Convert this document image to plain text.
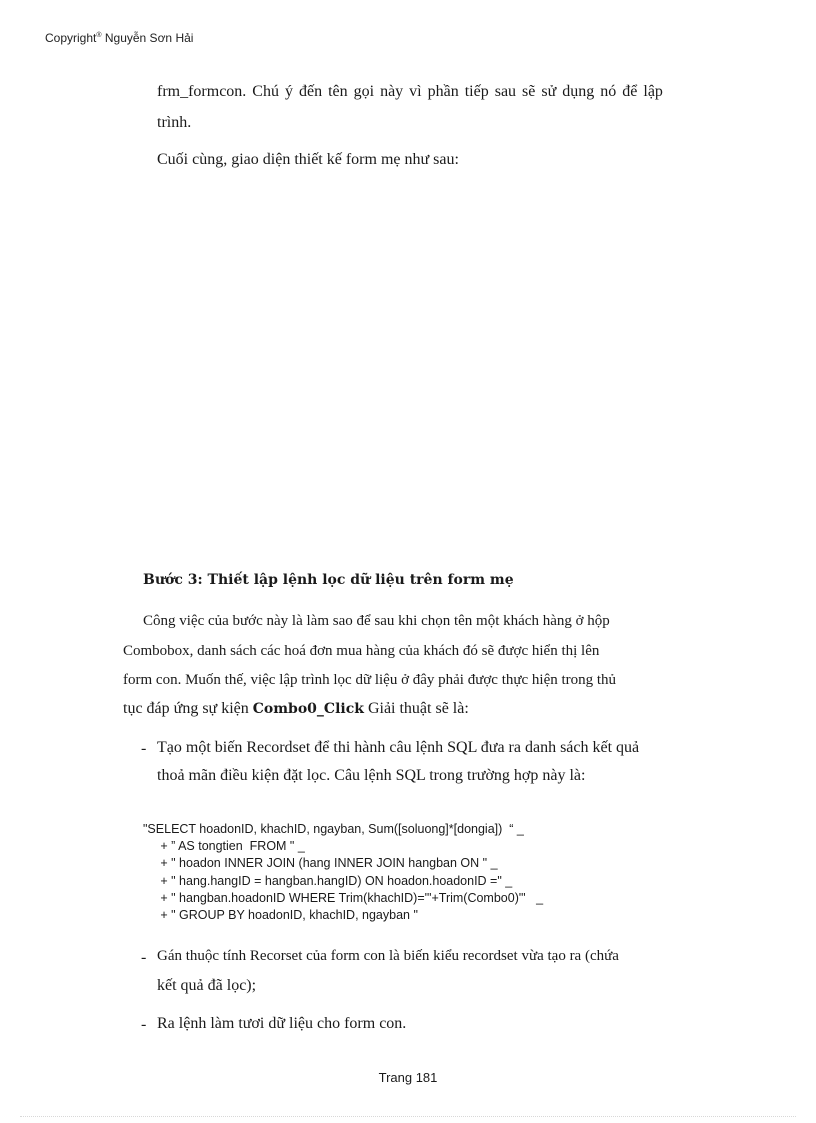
Copyright® Nguyễn Sơn Hải
frm_formcon. Chú ý đến tên gọi này vì phần tiếp sau sẽ sử dụng nó để lập
trình.
Cuối cùng, giao diện thiết kế form mẹ như sau:
Bước 3: Thiết lập lệnh lọc dữ liệu trên form mẹ
Công việc của bước này là làm sao để sau khi chọn tên một khách hàng ở hộp
Combobox, danh sách các hoá đơn mua hàng của khách đó sẽ được hiển thị lên
form con. Muốn thế, việc lập trình lọc dữ liệu ở đây phải được thực hiện trong thủ
tục đáp ứng sự kiện Combo0_Click Giải thuật sẽ là:
- Tạo một biến Recordset để thi hành câu lệnh SQL đưa ra danh sách kết quả
thoả mãn điều kiện đặt lọc. Câu lệnh SQL trong trường hợp này là:
"SELECT hoadonID, khachID, ngayban, Sum([soluong]*[dongia])  “ _
+ ” AS tongtien  FROM " _
+ " hoadon INNER JOIN (hang INNER JOIN hangban ON " _
+ " hang.hangID = hangban.hangID) ON hoadon.hoadonID =" _
+ " hangban.hoadonID WHERE Trim(khachID)='"+Trim(Combo0)"'   _
+ " GROUP BY hoadonID, khachID, ngayban "
- Gán thuộc tính Recorset của form con là biến kiểu recordset vừa tạo ra (chứa
kết quả đã lọc);
- Ra lệnh làm tươi dữ liệu cho form con.
Trang 181
